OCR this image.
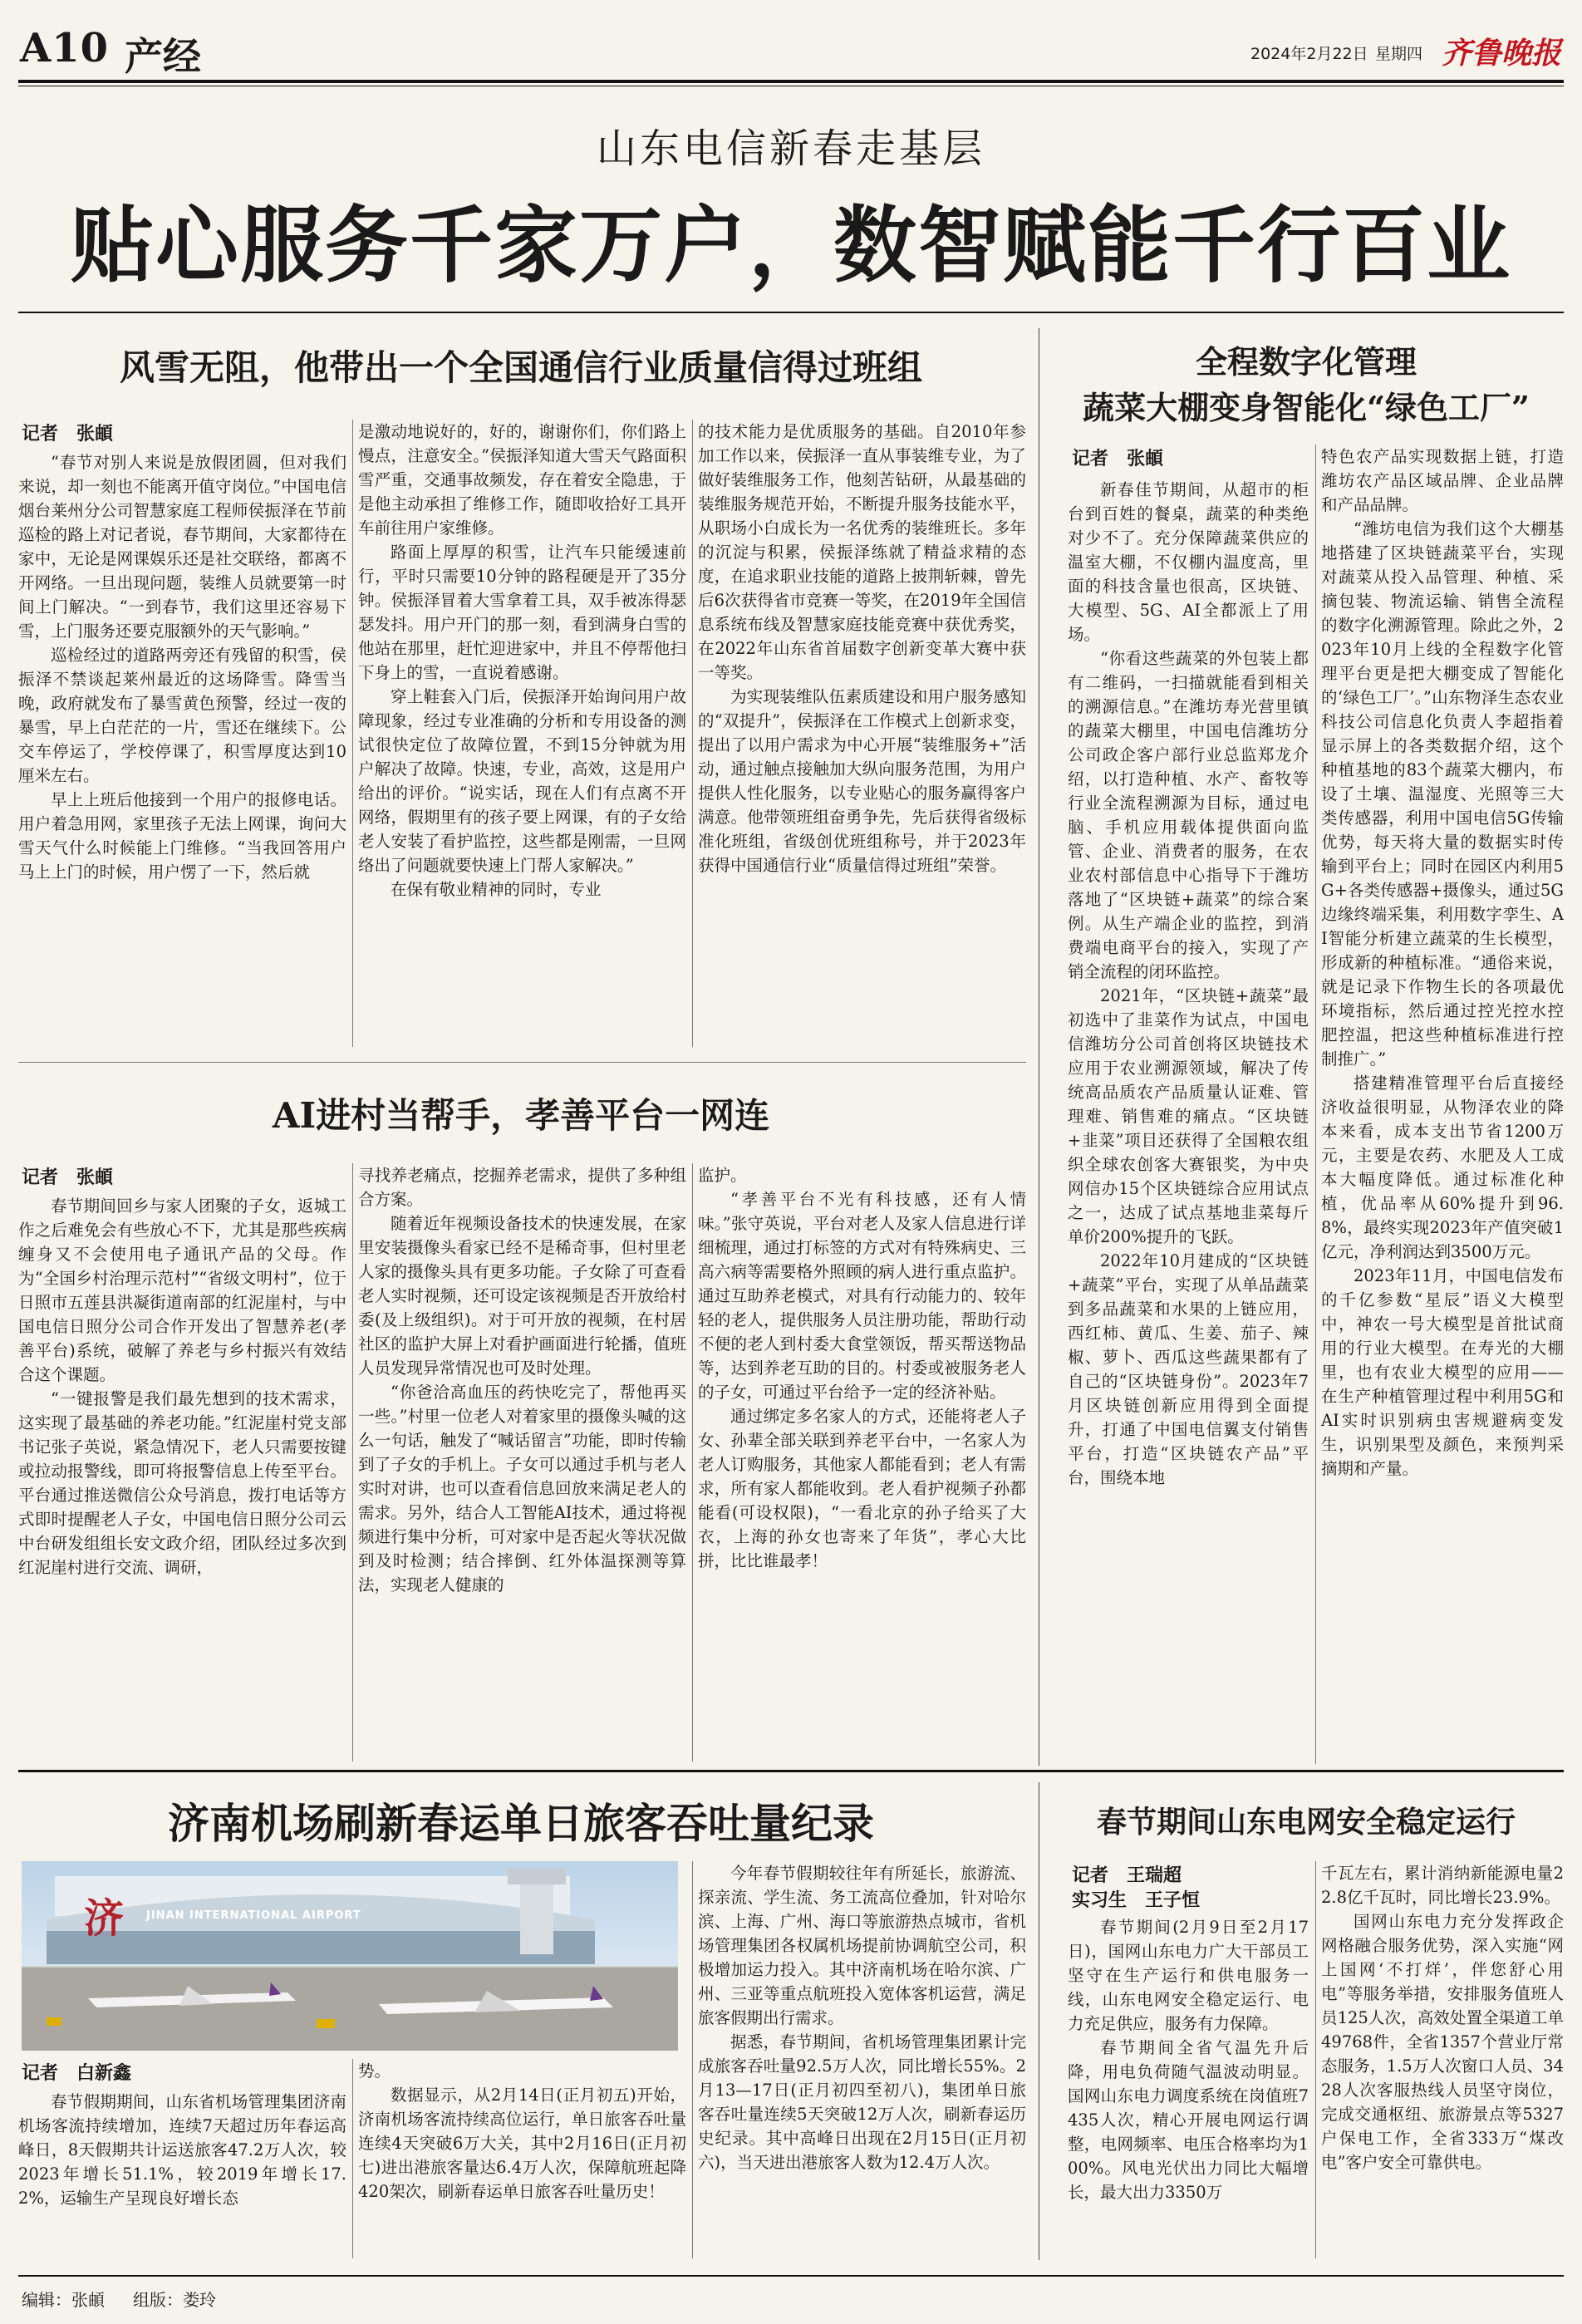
A10 产经	2024年2月22日 星期四 齐鲁晚报
山东电信新春走基层
贴心服务千家万户，数智赋能千行百业
风雪无阻，他带出一个全国通信行业质量信得过班组
记者　张頔

“春节对别人来说是放假团圆，但对我们来说，却一刻也不能离开值守岗位。”中国电信烟台莱州分公司智慧家庭工程师侯振泽在节前巡检的路上对记者说，春节期间，大家都待在家中，无论是网课娱乐还是社交联络，都离不开网络。一旦出现问题，装维人员就要第一时间上门解决。“一到春节，我们这里还容易下雪，上门服务还要克服额外的天气影响。”

巡检经过的道路两旁还有残留的积雪，侯振泽不禁谈起莱州最近的这场降雪。降雪当晚，政府就发布了暴雪黄色预警，经过一夜的暴雪，早上白茫茫的一片，雪还在继续下。公交车停运了，学校停课了，积雪厚度达到10厘米左右。

早上上班后他接到一个用户的报修电话。用户着急用网，家里孩子无法上网课，询问大雪天气什么时候能上门维修。“当我回答用户马上上门的时候，用户愣了一下，然后就

是激动地说好的，好的，谢谢你们，你们路上慢点，注意安全。”侯振泽知道大雪天气路面积雪严重，交通事故频发，存在着安全隐患，于是他主动承担了维修工作，随即收拾好工具开车前往用户家维修。

路面上厚厚的积雪，让汽车只能缓速前行，平时只需要10分钟的路程硬是开了35分钟。侯振泽冒着大雪拿着工具，双手被冻得瑟瑟发抖。用户开门的那一刻，看到满身白雪的他站在那里，赶忙迎进家中，并且不停帮他扫下身上的雪，一直说着感谢。

穿上鞋套入门后，侯振泽开始询问用户故障现象，经过专业准确的分析和专用设备的测试很快定位了故障位置，不到15分钟就为用户解决了故障。快速，专业，高效，这是用户给出的评价。“说实话，现在人们有点离不开网络，假期里有的孩子要上网课，有的子女给老人安装了看护监控，这些都是刚需，一旦网络出了问题就要快速上门帮人家解决。”

在保有敬业精神的同时，专业

的技术能力是优质服务的基础。自2010年参加工作以来，侯振泽一直从事装维专业，为了做好装维服务工作，他刻苦钻研，从最基础的装维服务规范开始，不断提升服务技能水平，从职场小白成长为一名优秀的装维班长。多年的沉淀与积累，侯振泽练就了精益求精的态度，在追求职业技能的道路上披荆斩棘，曾先后6次获得省市竞赛一等奖，在2019年全国信息系统布线及智慧家庭技能竞赛中获优秀奖，在2022年山东省首届数字创新变革大赛中获一等奖。

为实现装维队伍素质建设和用户服务感知的“双提升”，侯振泽在工作模式上创新求变，提出了以用户需求为中心开展“装维服务+”活动，通过触点接触加大纵向服务范围，为用户提供人性化服务，以专业贴心的服务赢得客户满意。他带领班组奋勇争先，先后获得省级标准化班组，省级创优班组称号，并于2023年获得中国通信行业“质量信得过班组”荣誉。

AI进村当帮手，孝善平台一网连
记者　张頔

春节期间回乡与家人团聚的子女，返城工作之后难免会有些放心不下，尤其是那些疾病缠身又不会使用电子通讯产品的父母。作为“全国乡村治理示范村”“省级文明村”，位于日照市五莲县洪凝街道南部的红泥崖村，与中国电信日照分公司合作开发出了智慧养老(孝善平台)系统，破解了养老与乡村振兴有效结合这个课题。

“一键报警是我们最先想到的技术需求，这实现了最基础的养老功能。”红泥崖村党支部书记张子英说，紧急情况下，老人只需要按键或拉动报警线，即可将报警信息上传至平台。平台通过推送微信公众号消息，拨打电话等方式即时提醒老人子女，中国电信日照分公司云中台研发组组长安文政介绍，团队经过多次到红泥崖村进行交流、调研，

寻找养老痛点，挖掘养老需求，提供了多种组合方案。

随着近年视频设备技术的快速发展，在家里安装摄像头看家已经不是稀奇事，但村里老人家的摄像头具有更多功能。子女除了可查看老人实时视频，还可设定该视频是否开放给村委(及上级组织)。对于可开放的视频，在村居社区的监护大屏上对看护画面进行轮播，值班人员发现异常情况也可及时处理。

“你爸洽高血压的药快吃完了，帮他再买一些。”村里一位老人对着家里的摄像头喊的这么一句话，触发了“喊话留言”功能，即时传输到了子女的手机上。子女可以通过手机与老人实时对讲，也可以查看信息回放来满足老人的需求。另外，结合人工智能AI技术，通过将视频进行集中分析，可对家中是否起火等状况做到及时检测；结合摔倒、红外体温探测等算法，实现老人健康的

监护。

“孝善平台不光有科技感，还有人情味。”张守英说，平台对老人及家人信息进行详细梳理，通过打标签的方式对有特殊病史、三高六病等需要格外照顾的病人进行重点监护。通过互助养老模式，对具有行动能力的、较年轻的老人，提供服务人员注册功能，帮助行动不便的老人到村委大食堂领饭，帮买帮送物品等，达到养老互助的目的。村委或被服务老人的子女，可通过平台给予一定的经济补贴。

通过绑定多名家人的方式，还能将老人子女、孙辈全部关联到养老平台中，一名家人为老人订购服务，其他家人都能看到；老人有需求，所有家人都能收到。老人看护视频子孙都能看(可设权限)，“一看北京的孙子给买了大衣，上海的孙女也寄来了年货”，孝心大比拼，比比谁最孝！

全程数字化管理
蔬菜大棚变身智能化“绿色工厂”
记者　张頔

新春佳节期间，从超市的柜台到百姓的餐桌，蔬菜的种类绝对少不了。充分保障蔬菜供应的温室大棚，不仅棚内温度高，里面的科技含量也很高，区块链、大模型、5G、AI全都派上了用场。

“你看这些蔬菜的外包装上都有二维码，一扫描就能看到相关的溯源信息。”在潍坊寿光营里镇的蔬菜大棚里，中国电信潍坊分公司政企客户部行业总监郑龙介绍，以打造种植、水产、畜牧等行业全流程溯源为目标，通过电脑、手机应用载体提供面向监管、企业、消费者的服务，在农业农村部信息中心指导下于潍坊落地了“区块链+蔬菜”的综合案例。从生产端企业的监控，到消费端电商平台的接入，实现了产销全流程的闭环监控。

2021年，“区块链+蔬菜”最初选中了韭菜作为试点，中国电信潍坊分公司首创将区块链技术应用于农业溯源领域，解决了传统高品质农产品质量认证难、管理难、销售难的痛点。“区块链+韭菜”项目还获得了全国粮农组织全球农创客大赛银奖，为中央网信办15个区块链综合应用试点之一，达成了试点基地韭菜每斤单价200%提升的飞跃。

2022年10月建成的“区块链+蔬菜”平台，实现了从单品蔬菜到多品蔬菜和水果的上链应用，西红柿、黄瓜、生姜、茄子、辣椒、萝卜、西瓜这些蔬果都有了自己的“区块链身份”。2023年7月区块链创新应用得到全面提升，打通了中国电信翼支付销售平台，打造“区块链农产品”平台，围绕本地

特色农产品实现数据上链，打造潍坊农产品区域品牌、企业品牌和产品品牌。

“潍坊电信为我们这个大棚基地搭建了区块链蔬菜平台，实现对蔬菜从投入品管理、种植、采摘包装、物流运输、销售全流程的数字化溯源管理。除此之外，2023年10月上线的全程数字化管理平台更是把大棚变成了智能化的‘绿色工厂’。”山东物泽生态农业科技公司信息化负责人李超指着显示屏上的各类数据介绍，这个种植基地的83个蔬菜大棚内，布设了土壤、温湿度、光照等三大类传感器，利用中国电信5G传输优势，每天将大量的数据实时传输到平台上；同时在园区内利用5G+各类传感器+摄像头，通过5G边缘终端采集，利用数字孪生、AI智能分析建立蔬菜的生长模型，形成新的种植标准。“通俗来说，就是记录下作物生长的各项最优环境指标，然后通过控光控水控肥控温，把这些种植标准进行控制推广。”

搭建精准管理平台后直接经济收益很明显，从物泽农业的降本来看，成本支出节省1200万元，主要是农药、水肥及人工成本大幅度降低。通过标准化种植，优品率从60%提升到96.8%，最终实现2023年产值突破1亿元，净利润达到3500万元。

2023年11月，中国电信发布的千亿参数“星辰”语义大模型中，神农一号大模型是首批试商用的行业大模型。在寿光的大棚里，也有农业大模型的应用——在生产种植管理过程中利用5G和AI实时识别病虫害规避病变发生，识别果型及颜色，来预判采摘期和产量。

济南机场刷新春运单日旅客吞吐量纪录
JINAN INTERNATIONAL AIRPORT
济
记者　白新鑫

春节假期期间，山东省机场管理集团济南机场客流持续增加，连续7天超过历年春运高峰日，8天假期共计运送旅客47.2万人次，较2023年增长51.1%，较2019年增长17.2%，运输生产呈现良好增长态

势。

数据显示，从2月14日(正月初五)开始，济南机场客流持续高位运行，单日旅客吞吐量连续4天突破6万大关，其中2月16日(正月初七)进出港旅客量达6.4万人次，保障航班起降420架次，刷新春运单日旅客吞吐量历史！

今年春节假期较往年有所延长，旅游流、探亲流、学生流、务工流高位叠加，针对哈尔滨、上海、广州、海口等旅游热点城市，省机场管理集团各权属机场提前协调航空公司，积极增加运力投入。其中济南机场在哈尔滨、广州、三亚等重点航班投入宽体客机运营，满足旅客假期出行需求。

据悉，春节期间，省机场管理集团累计完成旅客吞吐量92.5万人次，同比增长55%。2月13—17日(正月初四至初八)，集团单日旅客吞吐量连续5天突破12万人次，刷新春运历史纪录。其中高峰日出现在2月15日(正月初六)，当天进出港旅客人数为12.4万人次。

春节期间山东电网安全稳定运行
记者　王瑞超
实习生　王子恒

春节期间(2月9日至2月17日)，国网山东电力广大干部员工坚守在生产运行和供电服务一线，山东电网安全稳定运行、电力充足供应，服务有力保障。

春节期间全省气温先升后降，用电负荷随气温波动明显。国网山东电力调度系统在岗值班7435人次，精心开展电网运行调整，电网频率、电压合格率均为100%。风电光伏出力同比大幅增长，最大出力3350万

千瓦左右，累计消纳新能源电量22.8亿千瓦时，同比增长23.9%。

国网山东电力充分发挥政企网格融合服务优势，深入实施“网上国网‘不打烊’，伴您舒心用电”等服务举措，安排服务值班人员125人次，高效处置全渠道工单49768件，全省1357个营业厅常态服务，1.5万人次窗口人员、3428人次客服热线人员坚守岗位，完成交通枢纽、旅游景点等5327户保电工作，全省333万“煤改电”客户安全可靠供电。

编辑：张頔 组版：娄玲
